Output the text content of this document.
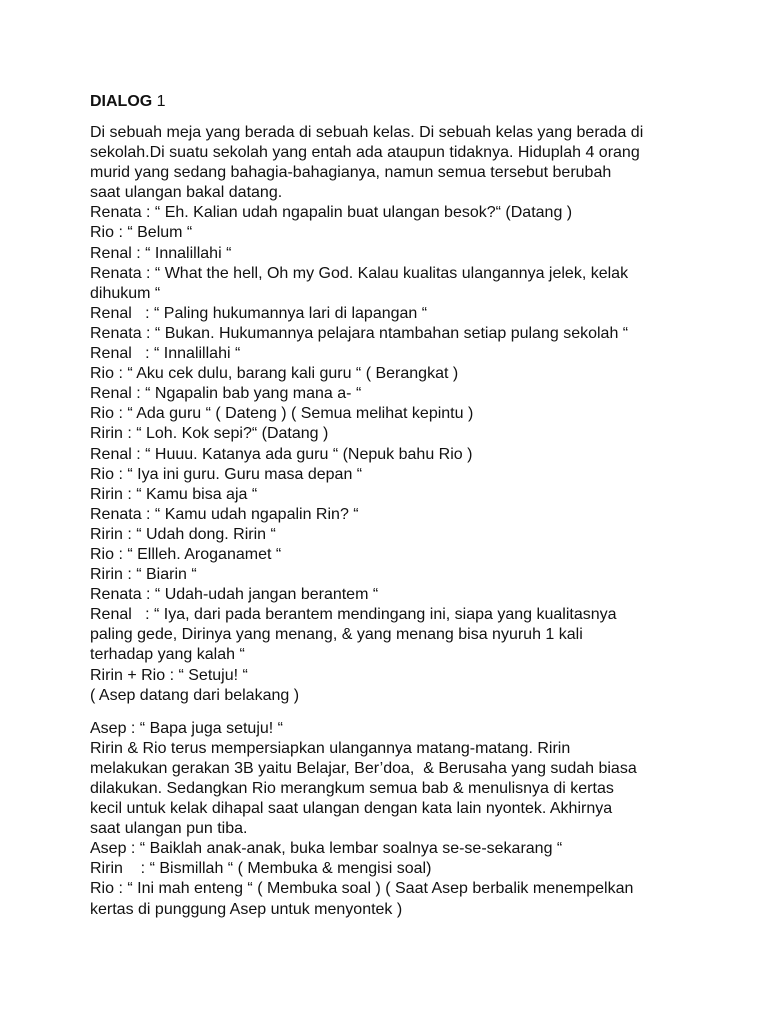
DIALOG 1

Di sebuah meja yang berada di sebuah kelas. Di sebuah kelas yang berada di

sekolah.Di suatu sekolah yang entah ada ataupun tidaknya. Hiduplah 4 orang

murid yang sedang bahagia-bahagianya, namun semua tersebut berubah

saat ulangan bakal datang.

Renata : “ Eh. Kalian udah ngapalin buat ulangan besok?“ (Datang )

Rio : “ Belum “

Renal : “ Innalillahi “

Renata : “ What the hell, Oh my God. Kalau kualitas ulangannya jelek, kelak

dihukum “

Renal   : “ Paling hukumannya lari di lapangan “

Renata : “ Bukan. Hukumannya pelajara ntambahan setiap pulang sekolah “

Renal   : “ Innalillahi “

Rio : “ Aku cek dulu, barang kali guru “ ( Berangkat )

Renal : “ Ngapalin bab yang mana a- “

Rio : “ Ada guru “ ( Dateng ) ( Semua melihat kepintu )

Ririn : “ Loh. Kok sepi?“ (Datang )

Renal : “ Huuu. Katanya ada guru “ (Nepuk bahu Rio )

Rio : “ Iya ini guru. Guru masa depan “

Ririn : “ Kamu bisa aja “

Renata : “ Kamu udah ngapalin Rin? “

Ririn : “ Udah dong. Ririn “

Rio : “ Ellleh. Aroganamet “

Ririn : “ Biarin “

Renata : “ Udah-udah jangan berantem “

Renal   : “ Iya, dari pada berantem mendingang ini, siapa yang kualitasnya

paling gede, Dirinya yang menang, & yang menang bisa nyuruh 1 kali

terhadap yang kalah “

Ririn + Rio : “ Setuju! “

( Asep datang dari belakang )

Asep : “ Bapa juga setuju! “

Ririn & Rio terus mempersiapkan ulangannya matang-matang. Ririn

melakukan gerakan 3B yaitu Belajar, Ber’doa,  & Berusaha yang sudah biasa

dilakukan. Sedangkan Rio merangkum semua bab & menulisnya di kertas

kecil untuk kelak dihapal saat ulangan dengan kata lain nyontek. Akhirnya

saat ulangan pun tiba.

Asep : “ Baiklah anak-anak, buka lembar soalnya se-se-sekarang “

Ririn    : “ Bismillah “ ( Membuka & mengisi soal)

Rio : “ Ini mah enteng “ ( Membuka soal ) ( Saat Asep berbalik menempelkan

kertas di punggung Asep untuk menyontek )
